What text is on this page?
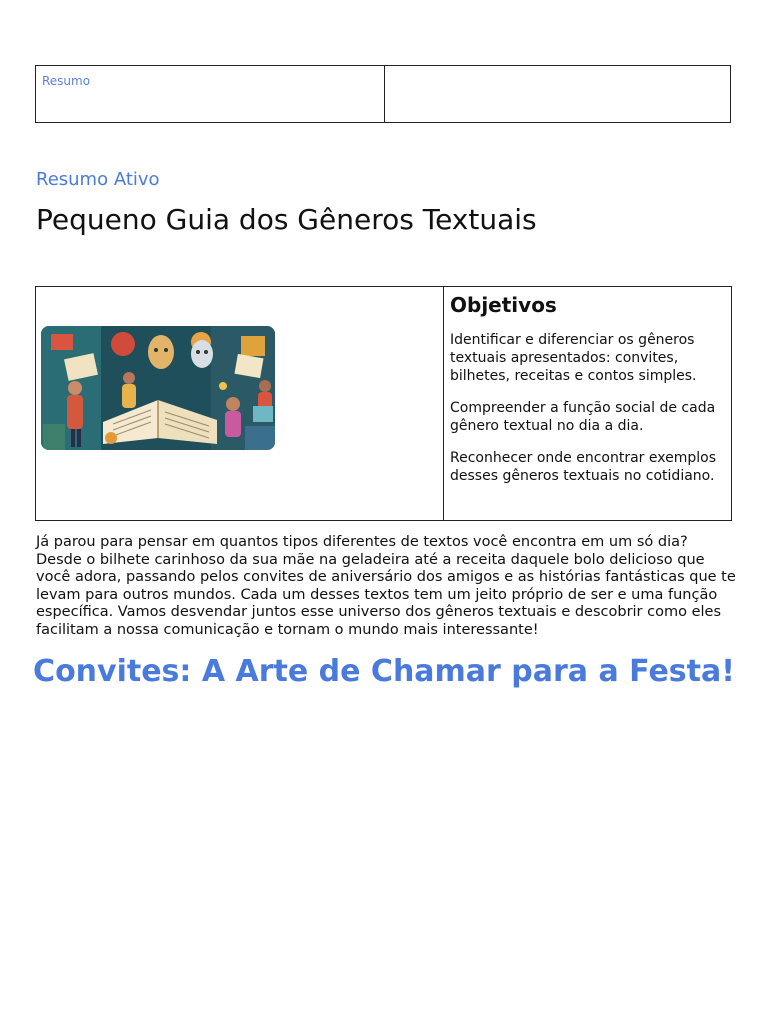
Resumo
Resumo Ativo
Pequeno Guia dos Gêneros Textuais
Objetivos

Identificar e diferenciar os gêneros textuais apresentados: convites, bilhetes, receitas e contos simples.

Compreender a função social de cada gênero textual no dia a dia.

Reconhecer onde encontrar exemplos desses gêneros textuais no cotidiano.

Já parou para pensar em quantos tipos diferentes de textos você encontra em um só dia? Desde o bilhete carinhoso da sua mãe na geladeira até a receita daquele bolo delicioso que você adora, passando pelos convites de aniversário dos amigos e as histórias fantásticas que te levam para outros mundos. Cada um desses textos tem um jeito próprio de ser e uma função específica. Vamos desvendar juntos esse universo dos gêneros textuais e descobrir como eles facilitam a nossa comunicação e tornam o mundo mais interessante!

Convites: A Arte de Chamar para a Festa!
